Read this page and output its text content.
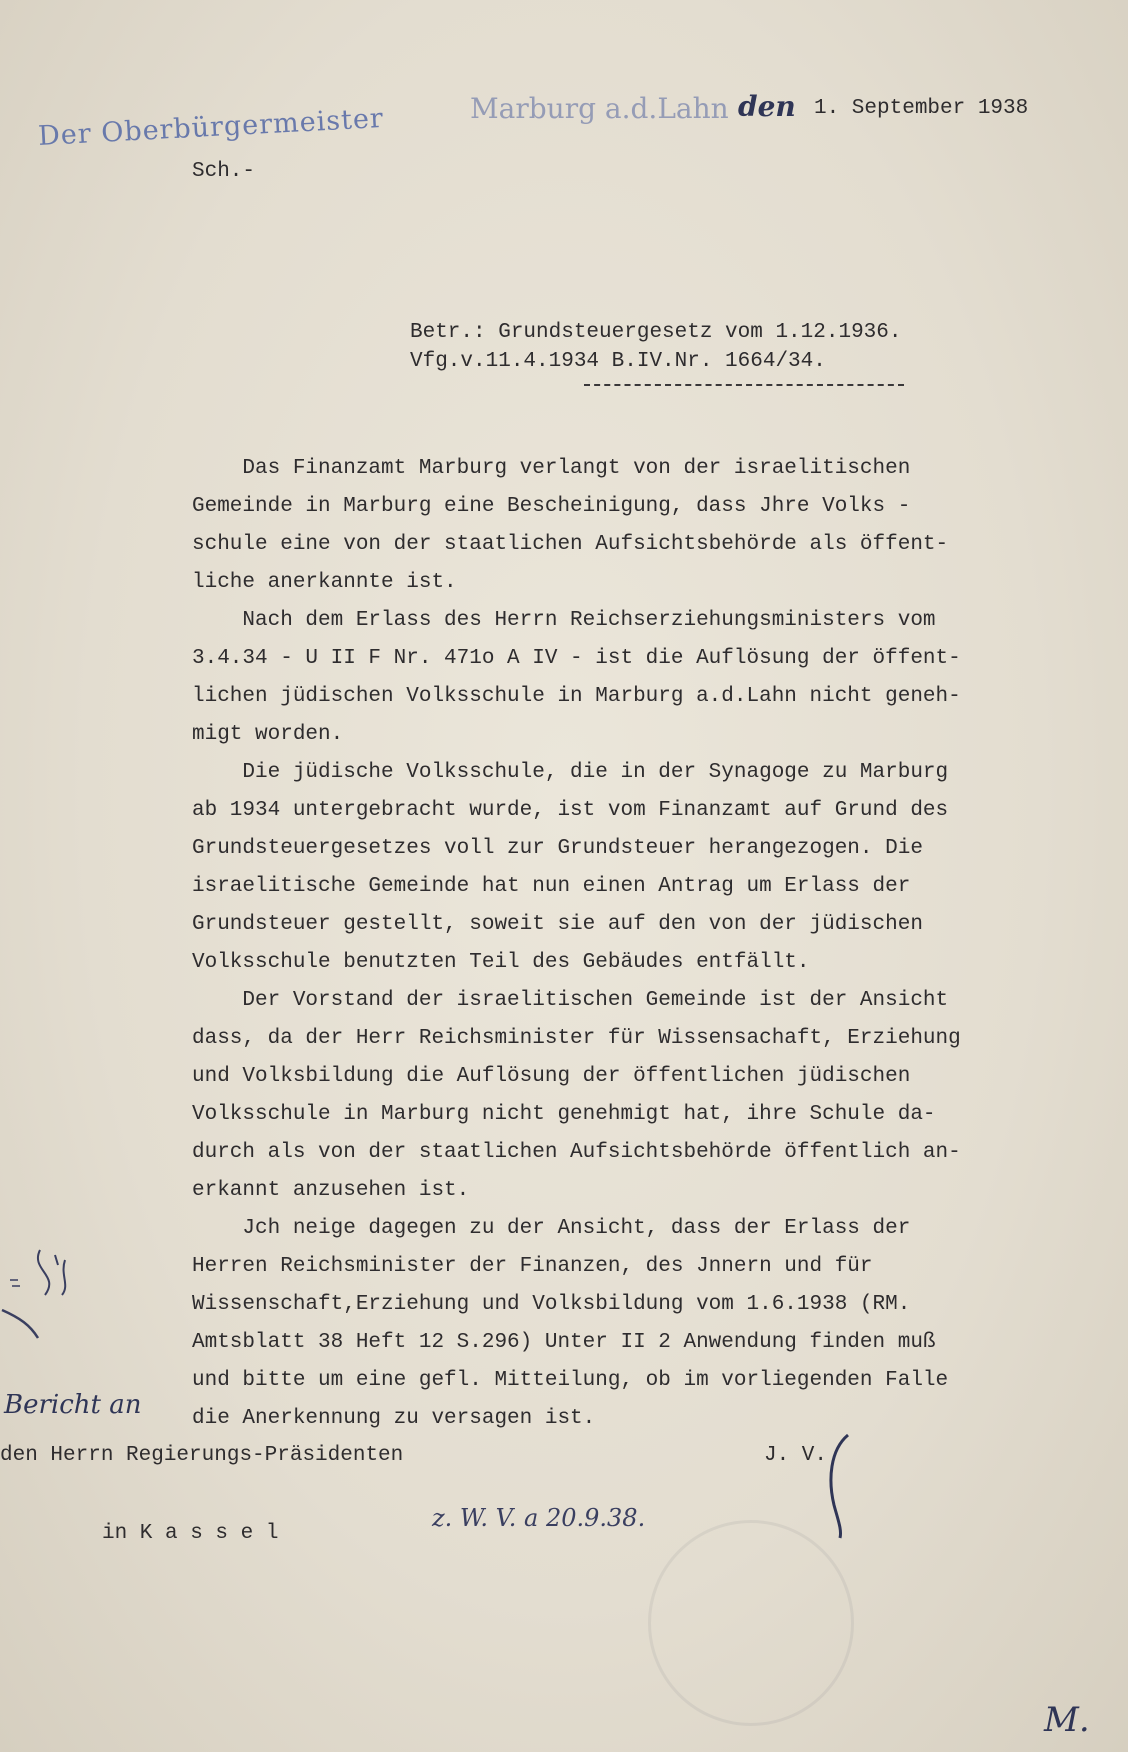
Der Oberbürgermeister	Marburg a.d.Lahn den 1. September 1938
Sch.-
Betr.: Grundsteuergesetz vom 1.12.1936.
Vfg.v.11.4.1934 B.IV.Nr. 1664/34.

Das Finanzamt Marburg verlangt von der israelitischen

Gemeinde in Marburg eine Bescheinigung, dass Jhre Volks -

schule eine von der staatlichen Aufsichtsbehörde als öffent-

liche anerkannte ist.

Nach dem Erlass des Herrn Reichserziehungsministers vom

3.4.34 - U II F Nr. 471o A IV - ist die Auflösung der öffent-

lichen jüdischen Volksschule in Marburg a.d.Lahn nicht geneh-

migt worden.

Die jüdische Volksschule, die in der Synagoge zu Marburg

ab 1934 untergebracht wurde, ist vom Finanzamt auf Grund des

Grundsteuergesetzes voll zur Grundsteuer herangezogen. Die

israelitische Gemeinde hat nun einen Antrag um Erlass der

Grundsteuer gestellt, soweit sie auf den von der jüdischen

Volksschule benutzten Teil des Gebäudes entfällt.

Der Vorstand der israelitischen Gemeinde ist der Ansicht

dass, da der Herr Reichsminister für Wissensachaft, Erziehung

und Volksbildung die Auflösung der öffentlichen jüdischen

Volksschule in Marburg nicht genehmigt hat, ihre Schule da-

durch als von der staatlichen Aufsichtsbehörde öffentlich an-

erkannt anzusehen ist.

Jch neige dagegen zu der Ansicht, dass der Erlass der

Herren Reichsminister der Finanzen, des Jnnern und für

Wissenschaft,Erziehung und Volksbildung vom 1.6.1938 (RM.

Amtsblatt 38 Heft 12 S.296) Unter II 2 Anwendung finden muß

und bitte um eine gefl. Mitteilung, ob im vorliegenden Falle

die Anerkennung zu versagen ist.

Bericht an
den Herrn Regierungs-Präsidenten	J. V.
in K a s s e l
z. W. V. a 20.9.38.
M.
